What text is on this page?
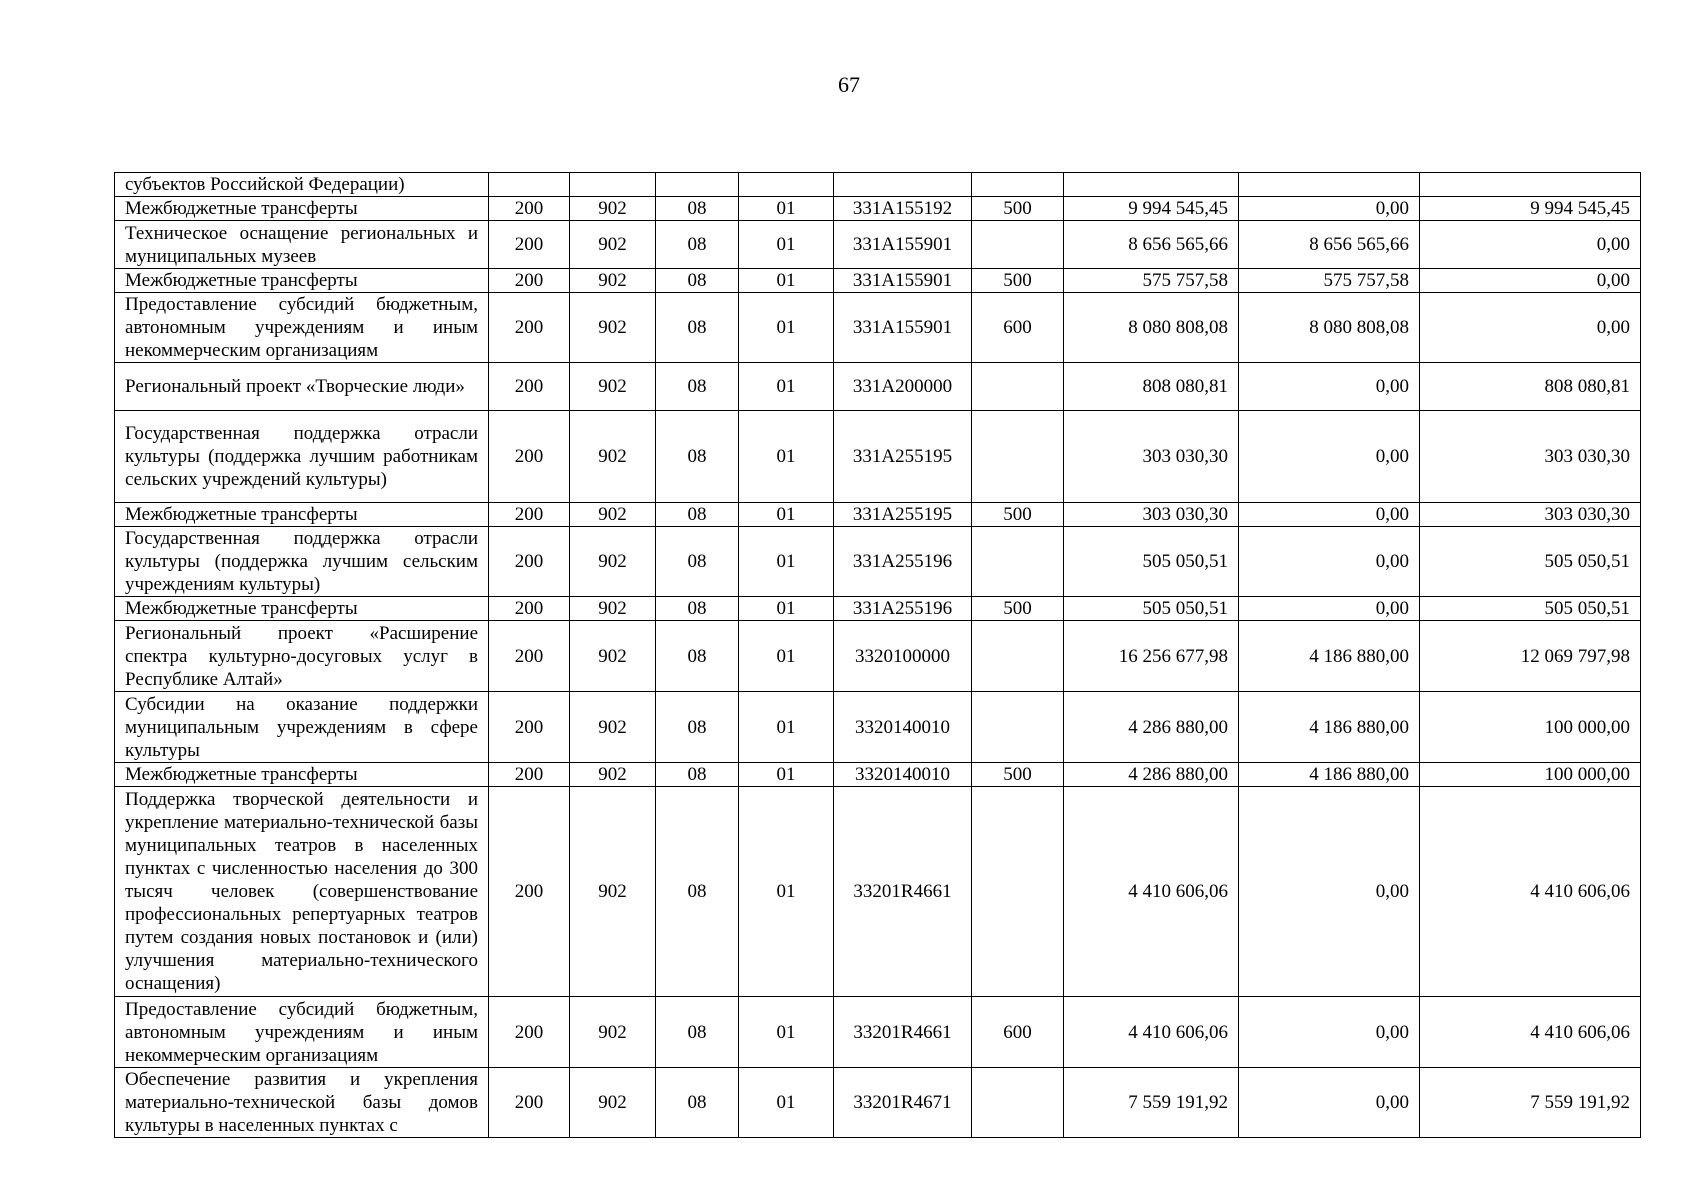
67
субъектов Российской Федерации)									
Межбюджетные трансферты	200	902	08	01	331A155192	500	9 994 545,45	0,00	9 994 545,45
Техническое оснащение региональных и муниципальных музеев	200	902	08	01	331A155901		8 656 565,66	8 656 565,66	0,00
Межбюджетные трансферты	200	902	08	01	331A155901	500	575 757,58	575 757,58	0,00
Предоставление субсидий бюджетным, автономным учреждениям и иным некоммерческим организациям	200	902	08	01	331A155901	600	8 080 808,08	8 080 808,08	0,00
Региональный проект «Творческие люди»	200	902	08	01	331A200000		808 080,81	0,00	808 080,81
Государственная поддержка отрасли культуры (поддержка лучшим работникам сельских учреждений культуры)	200	902	08	01	331A255195		303 030,30	0,00	303 030,30
Межбюджетные трансферты	200	902	08	01	331A255195	500	303 030,30	0,00	303 030,30
Государственная поддержка отрасли культуры (поддержка лучшим сельским учреждениям культуры)	200	902	08	01	331A255196		505 050,51	0,00	505 050,51
Межбюджетные трансферты	200	902	08	01	331A255196	500	505 050,51	0,00	505 050,51
Региональный проект «Расширение спектра культурно-досуговых услуг в Республике Алтай»	200	902	08	01	3320100000		16 256 677,98	4 186 880,00	12 069 797,98
Субсидии на оказание поддержки муниципальным учреждениям в сфере культуры	200	902	08	01	3320140010		4 286 880,00	4 186 880,00	100 000,00
Межбюджетные трансферты	200	902	08	01	3320140010	500	4 286 880,00	4 186 880,00	100 000,00
Поддержка творческой деятельности и укрепление материально-технической базы муниципальных театров в населенных пунктах с численностью населения до 300 тысяч человек (совершенствование профессиональных репертуарных театров путем создания новых постановок и (или) улучшения материально-технического оснащения)	200	902	08	01	33201R4661		4 410 606,06	0,00	4 410 606,06
Предоставление субсидий бюджетным, автономным учреждениям и иным некоммерческим организациям	200	902	08	01	33201R4661	600	4 410 606,06	0,00	4 410 606,06
Обеспечение развития и укрепления материально-технической базы домов культуры в населенных пунктах с	200	902	08	01	33201R4671		7 559 191,92	0,00	7 559 191,92
